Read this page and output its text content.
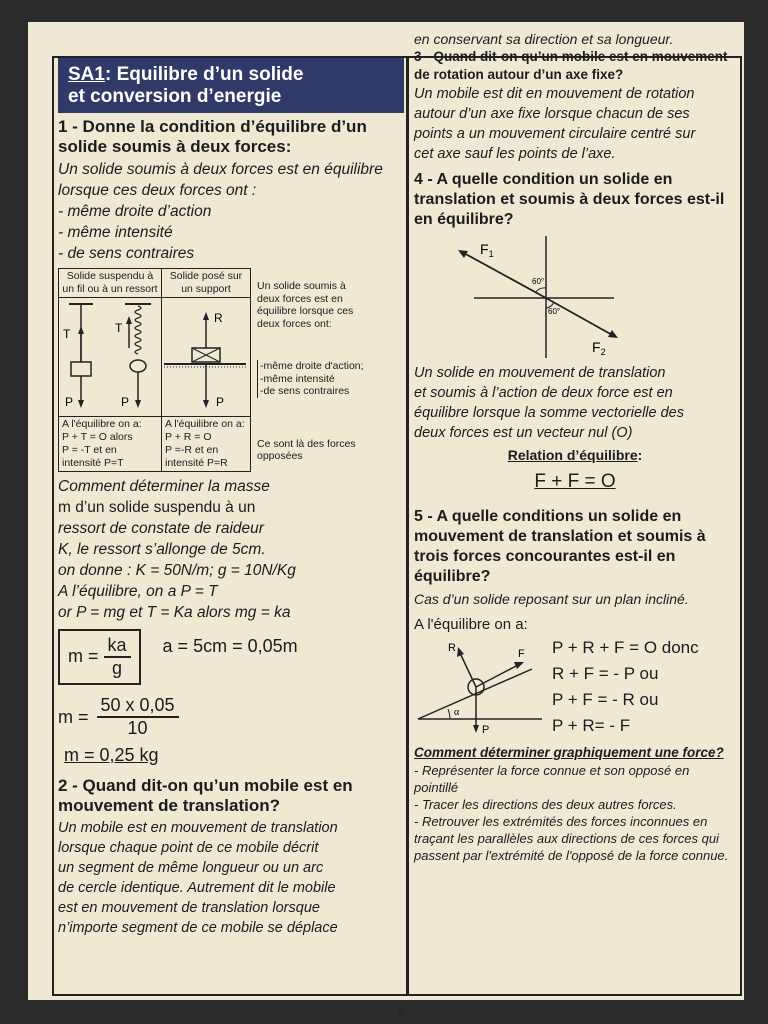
SA1: Equilibre d’un solide
et conversion d’energie
1 - Donne la condition d’équilibre d’un solide soumis à deux forces:

Un solide soumis à deux forces est en équilibre lorsque ces deux forces ont :

- même droite d’action

- même intensité

- de sens contraires

Solide suspendu à un fil ou à un ressort	Solide posé sur un support

T T
P P	R
P

A l'équilibre on a:
P + T = O alors
P = -T et en
intensité P=T	A l'équilibre on a:
P + R = O
P =-R et en
intensité P=R
Un solide soumis à deux forces est en équilibre lorsque ces deux forces ont:
-même droite d'action;
-même intensité
-de sens contraires
Ce sont là des forces opposées

Comment déterminer la masse

m d’un solide suspendu à un

ressort de constate de raideur

K, le ressort s’allonge de 5cm.

on donne : K = 50N/m; g = 10N/Kg

A l’équilibre, on a P = T

or P = mg et T = Ka alors mg = ka

$m = \frac{ka}{g}$ a = 5cm = 0,05m
$m = \frac{50 x 0,05}{10}$
m = 0,25 kg
2 - Quand dit-on qu’un mobile est en mouvement de translation?

Un mobile est en mouvement de translation

lorsque chaque point de ce mobile décrit

un segment de même longueur ou un arc

de cercle identique. Autrement dit le mobile

est en mouvement de translation lorsque

n’importe segment de ce mobile se déplace

en conservant sa direction et sa longueur.
3 - Quand dit-on qu’un mobile est en mouvement de rotation autour d’un axe fixe?

Un mobile est dit en mouvement de rotation

autour d’un axe fixe lorsque chacun de ses

points a un mouvement circulaire centré sur

cet axe sauf les points de l’axe.

4 - A quelle condition un solide en translation et soumis à deux forces est-il en équilibre?
$F_1$
$F_2$
60°
60°

Un solide en mouvement de translation

et soumis à l’action de deux force est en

équilibre lorsque la somme vectorielle des

deux forces est un vecteur nul (O)

Relation d’équilibre:
F + F = O
5 - A quelle conditions un solide en mouvement de translation et soumis à trois forces concourantes est-il en équilibre?
Cas d’un solide reposant sur un plan incliné.
A l'équilibre on a:
α
R	F
P
P + R + F = O donc
R + F = - P ou
P + F = - R ou
P + R= - F
Comment déterminer graphiquement une force?

- Représenter la force connue et son opposé en pointillé

- Tracer les directions des deux autres forces.

- Retrouver les extrémités des forces inconnues en traçant les parallèles aux directions de ces forces qui passent par l'extrémité de l'opposé de la force connue.

2
